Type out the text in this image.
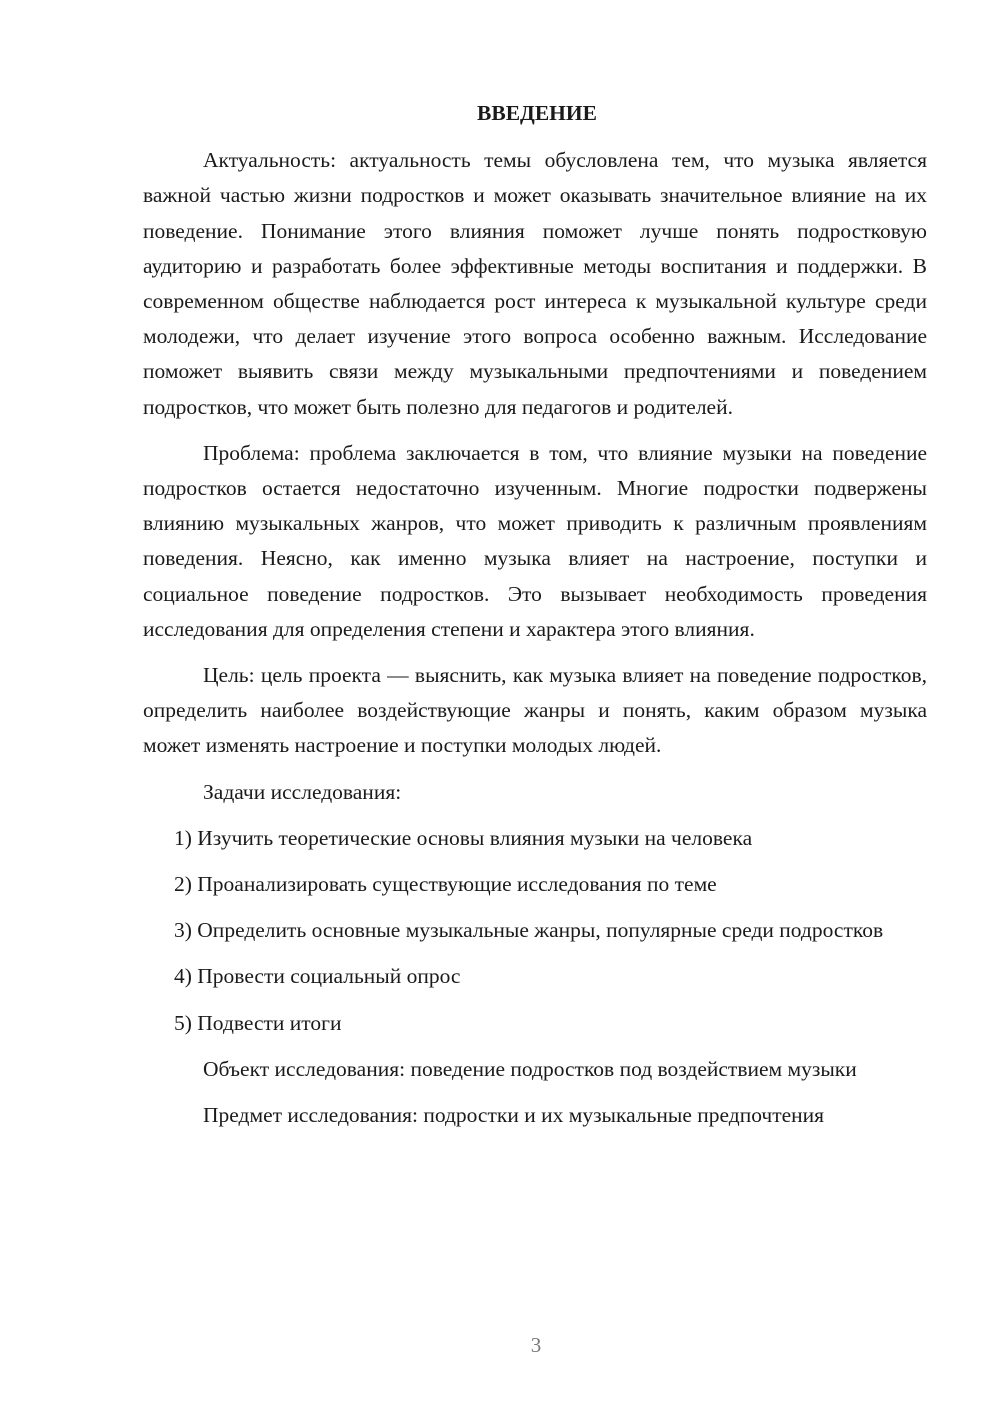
ВВЕДЕНИЕ

Актуальность: актуальность темы обусловлена тем, что музыка является важной частью жизни подростков и может оказывать значительное влияние на их поведение. Понимание этого влияния поможет лучше понять подростковую аудиторию и разработать более эффективные методы воспитания и поддержки. В современном обществе наблюдается рост интереса к музыкальной культуре среди молодежи, что делает изучение этого вопроса особенно важным. Исследование поможет выявить связи между музыкальными предпочтениями и поведением подростков, что может быть полезно для педагогов и родителей.

Проблема: проблема заключается в том, что влияние музыки на поведение подростков остается недостаточно изученным. Многие подростки подвержены влиянию музыкальных жанров, что может приводить к различным проявлениям поведения. Неясно, как именно музыка влияет на настроение, поступки и социальное поведение подростков. Это вызывает необходимость проведения исследования для определения степени и характера этого влияния.

Цель: цель проекта — выяснить, как музыка влияет на поведение подростков, определить наиболее воздействующие жанры и понять, каким образом музыка может изменять настроение и поступки молодых людей.

Задачи исследования:

1) Изучить теоретические основы влияния музыки на человека

2) Проанализировать существующие исследования по теме

3) Определить основные музыкальные жанры, популярные среди подростков

4) Провести социальный опрос

5) Подвести итоги

Объект исследования: поведение подростков под воздействием музыки

Предмет исследования: подростки и их музыкальные предпочтения

3
